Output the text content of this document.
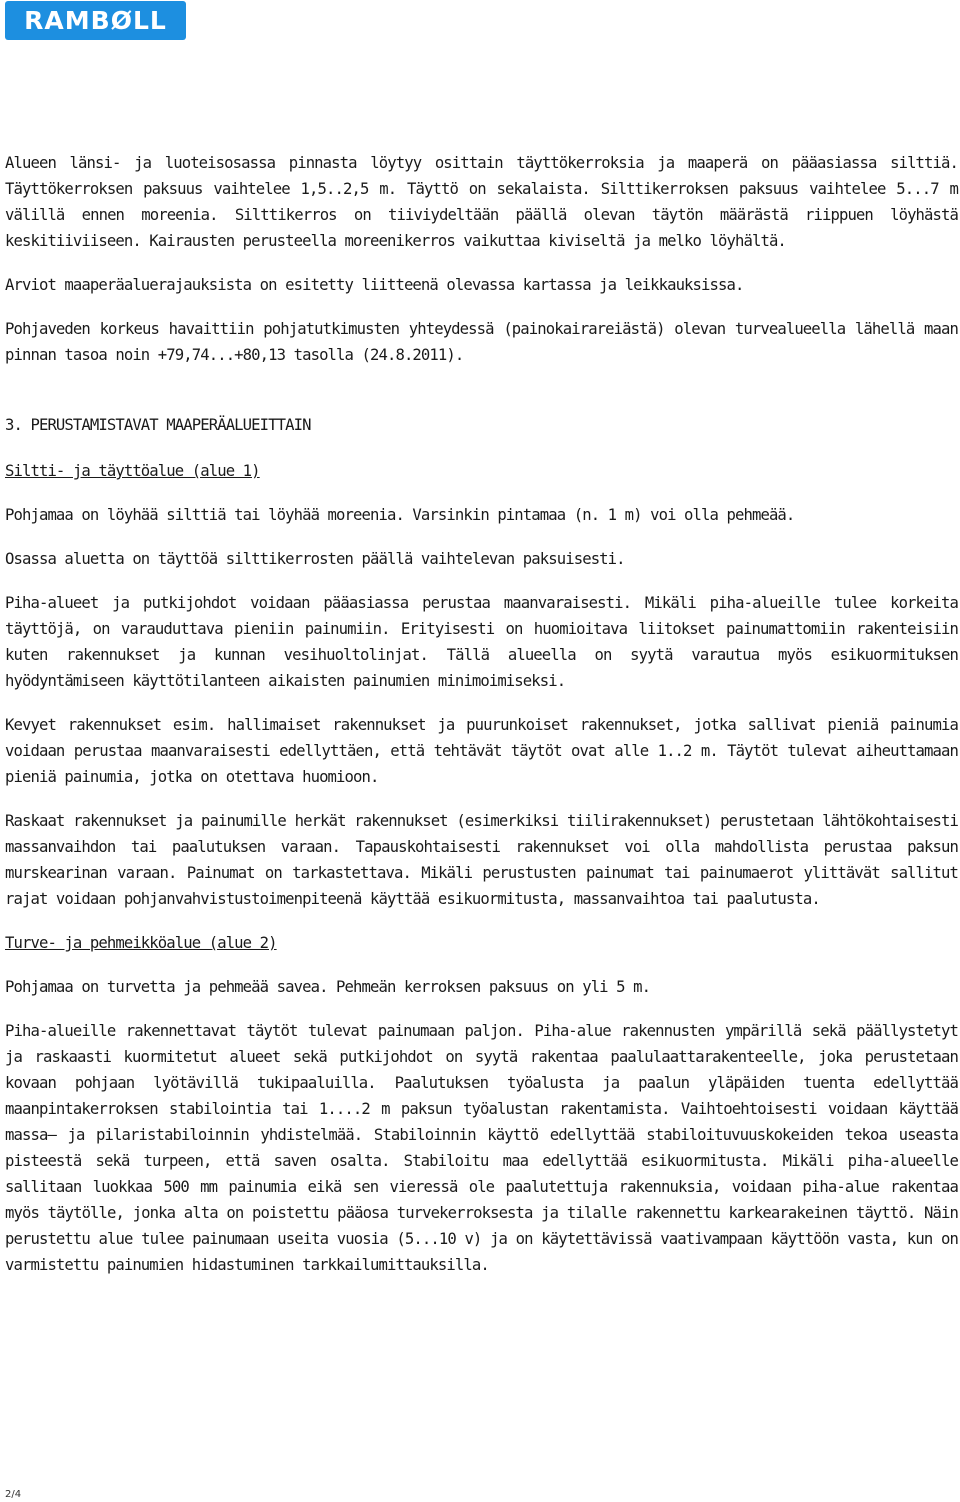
RAMBØLL

Alueen länsi- ja luoteisosassa pinnasta löytyy osittain täyttökerroksia ja maaperä on pääasiassa silttiä. Täyttökerroksen paksuus vaihtelee 1,5..2,5 m. Täyttö on sekalaista. Silttikerroksen paksuus vaihtelee 5...7 m välillä ennen moreenia. Silttikerros on tiiviydeltään päällä olevan täytön määrästä riippuen löyhästä keskitiiviiseen. Kairausten perusteella moreenikerros vaikuttaa kiviseltä ja melko löyhältä.

Arviot maaperäaluerajauksista on esitetty liitteenä olevassa kartassa ja leikkauksissa.

Pohjaveden korkeus havaittiin pohjatutkimusten yhteydessä (painokairareiästä) olevan turvealueella lähellä maan pinnan tasoa noin +79,74...+80,13 tasolla (24.8.2011).

3. PERUSTAMISTAVAT MAAPERÄALUEITTAIN

Siltti- ja täyttöalue (alue 1)

Pohjamaa on löyhää silttiä tai löyhää moreenia. Varsinkin pintamaa (n. 1 m) voi olla pehmeää.

Osassa aluetta on täyttöä silttikerrosten päällä vaihtelevan paksuisesti.

Piha-alueet ja putkijohdot voidaan pääasiassa perustaa maanvaraisesti. Mikäli piha-alueille tulee korkeita täyttöjä, on varauduttava pieniin painumiin. Erityisesti on huomioitava liitokset painumattomiin rakenteisiin kuten rakennukset ja kunnan vesihuoltolinjat. Tällä alueella on syytä varautua myös esikuormituksen hyödyntämiseen käyttötilanteen aikaisten painumien minimoimiseksi.

Kevyet rakennukset esim. hallimaiset rakennukset ja puurunkoiset rakennukset, jotka sallivat pieniä painumia voidaan perustaa maanvaraisesti edellyttäen, että tehtävät täytöt ovat alle 1..2 m. Täytöt tulevat aiheuttamaan pieniä painumia, jotka on otettava huomioon.

Raskaat rakennukset ja painumille herkät rakennukset (esimerkiksi tiilirakennukset) perustetaan lähtökohtaisesti massanvaihdon tai paalutuksen varaan. Tapauskohtaisesti rakennukset voi olla mahdollista perustaa paksun murskearinan varaan. Painumat on tarkastettava. Mikäli perustusten painumat tai painumaerot ylittävät sallitut rajat voidaan pohjanvahvistustoimenpiteenä käyttää esikuormitusta, massanvaihtoa tai paalutusta.

Turve- ja pehmeikköalue (alue 2)

Pohjamaa on turvetta ja pehmeää savea. Pehmeän kerroksen paksuus on yli 5 m.

Piha-alueille rakennettavat täytöt tulevat painumaan paljon. Piha-alue rakennusten ympärillä sekä päällystetyt ja raskaasti kuormitetut alueet sekä putkijohdot on syytä rakentaa paalulaattarakenteelle, joka perustetaan kovaan pohjaan lyötävillä tukipaaluilla. Paalutuksen työalusta ja paalun yläpäiden tuenta edellyttää maanpintakerroksen stabilointia tai 1....2 m paksun työalustan rakentamista. Vaihtoehtoisesti voidaan käyttää massa– ja pilaristabiloinnin yhdistelmää. Stabiloinnin käyttö edellyttää stabiloituvuuskokeiden tekoa useasta pisteestä sekä turpeen, että saven osalta. Stabiloitu maa edellyttää esikuormitusta. Mikäli piha-alueelle sallitaan luokkaa 500 mm painumia eikä sen vieressä ole paalutettuja rakennuksia, voidaan piha-alue rakentaa myös täytölle, jonka alta on poistettu pääosa turvekerroksesta ja tilalle rakennettu karkearakeinen täyttö. Näin perustettu alue tulee painumaan useita vuosia (5...10 v) ja on käytettävissä vaativampaan käyttöön vasta, kun on varmistettu painumien hidastuminen tarkkailumittauksilla.

2/4
